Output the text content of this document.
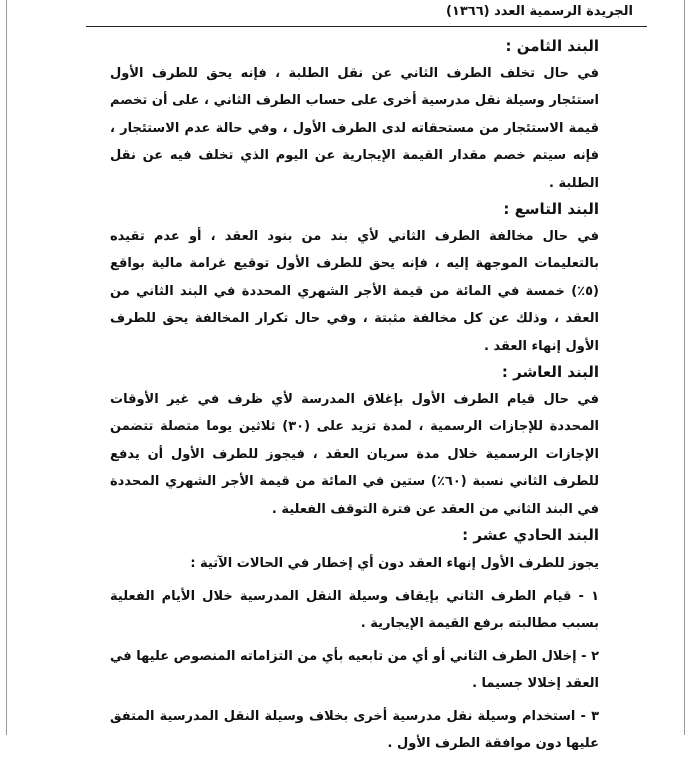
الجريدة الرسمية العدد (١٣٦٦)
البند الثامن :

في حال تخلف الطرف الثاني عن نقل الطلبة ، فإنه يحق للطرف الأول استئجار وسيلة نقل مدرسية أخرى على حساب الطرف الثاني ، على أن تخصم قيمة الاستئجار من مستحقاته لدى الطرف الأول ، وفي حالة عدم الاستئجار ، فإنه سيتم خصم مقدار القيمة الإيجارية عن اليوم الذي تخلف فيه عن نقل الطلبة .

البند التاسع :

في حال مخالفة الطرف الثاني لأي بند من بنود العقد ، أو عدم تقيده بالتعليمات الموجهة إليه ، فإنه يحق للطرف الأول توقيع غرامة مالية بواقع (٥٪) خمسة في المائة من قيمة الأجر الشهري المحددة في البند الثاني من العقد ، وذلك عن كل مخالفة مثبتة ، وفي حال تكرار المخالفة يحق للطرف الأول إنهاء العقد .

البند العاشر :

في حال قيام الطرف الأول بإغلاق المدرسة لأي ظرف في غير الأوقات المحددة للإجازات الرسمية ، لمدة تزيد على (٣٠) ثلاثين يوما متصلة تتضمن الإجازات الرسمية خلال مدة سريان العقد ، فيجوز للطرف الأول أن يدفع للطرف الثاني نسبة (٦٠٪) ستين في المائة من قيمة الأجر الشهري المحددة في البند الثاني من العقد عن فترة التوقف الفعلية .

البند الحادي عشر :

يجوز للطرف الأول إنهاء العقد دون أي إخطار في الحالات الآتية :

١ - قيام الطرف الثاني بإيقاف وسيلة النقل المدرسية خلال الأيام الفعلية بسبب مطالبته برفع القيمة الإيجارية .

٢ - إخلال الطرف الثاني أو أي من تابعيه بأي من التزاماته المنصوص عليها في العقد إخلالا جسيما .

٣ - استخدام وسيلة نقل مدرسية أخرى بخلاف وسيلة النقل المدرسية المتفق عليها دون موافقة الطرف الأول .
